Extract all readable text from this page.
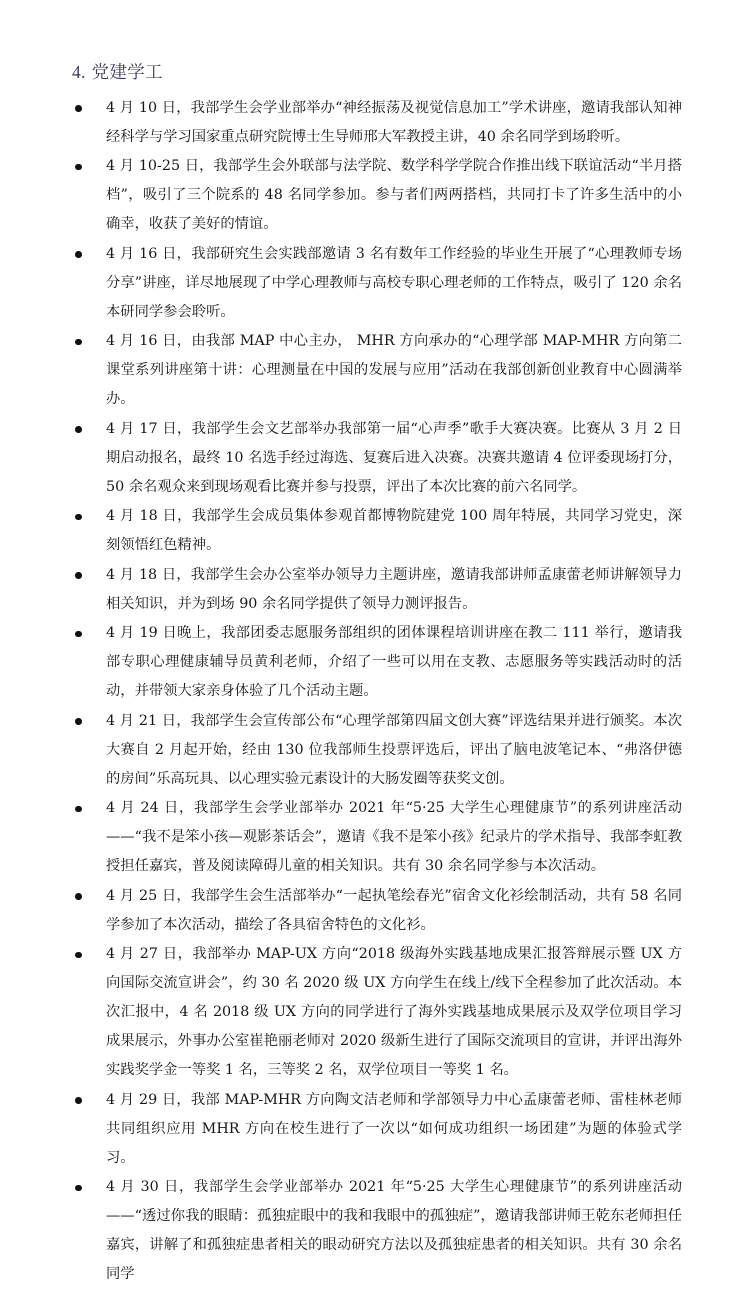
4. 党建学工
4 月 10 日，我部学生会学业部举办“神经振荡及视觉信息加工”学术讲座，邀请我部认知神经科学与学习国家重点研究院博士生导师邢大军教授主讲，40 余名同学到场聆听。
4 月 10-25 日，我部学生会外联部与法学院、数学科学学院合作推出线下联谊活动“半月搭档”，吸引了三个院系的 48 名同学参加。参与者们两两搭档，共同打卡了许多生活中的小确幸，收获了美好的情谊。
4 月 16 日，我部研究生会实践部邀请 3 名有数年工作经验的毕业生开展了“心理教师专场分享”讲座，详尽地展现了中学心理教师与高校专职心理老师的工作特点，吸引了 120 余名本研同学参会聆听。
4 月 16 日，由我部 MAP 中心主办， MHR 方向承办的“心理学部 MAP-MHR 方向第二课堂系列讲座第十讲：心理测量在中国的发展与应用”活动在我部创新创业教育中心圆满举办。
4 月 17 日，我部学生会文艺部举办我部第一届“心声季”歌手大赛决赛。比赛从 3 月 2 日期启动报名，最终 10 名选手经过海选、复赛后进入决赛。决赛共邀请 4 位评委现场打分，50 余名观众来到现场观看比赛并参与投票，评出了本次比赛的前六名同学。
4 月 18 日，我部学生会成员集体参观首都博物院建党 100 周年特展，共同学习党史，深刻领悟红色精神。
4 月 18 日，我部学生会办公室举办领导力主题讲座，邀请我部讲师孟康蕾老师讲解领导力相关知识，并为到场 90 余名同学提供了领导力测评报告。
4 月 19 日晚上，我部团委志愿服务部组织的团体课程培训讲座在教二 111 举行，邀请我部专职心理健康辅导员黄利老师，介绍了一些可以用在支教、志愿服务等实践活动时的活动，并带领大家亲身体验了几个活动主题。
4 月 21 日，我部学生会宣传部公布“心理学部第四届文创大赛”评选结果并进行颁奖。本次大赛自 2 月起开始，经由 130 位我部师生投票评选后，评出了脑电波笔记本、“弗洛伊德的房间”乐高玩具、以心理实验元素设计的大肠发圈等获奖文创。
4 月 24 日，我部学生会学业部举办 2021 年“5·25 大学生心理健康节”的系列讲座活动——“我不是笨小孩—观影茶话会”，邀请《我不是笨小孩》纪录片的学术指导、我部李虹教授担任嘉宾，普及阅读障碍儿童的相关知识。共有 30 余名同学参与本次活动。
4 月 25 日，我部学生会生活部举办“一起执笔绘春光”宿舍文化衫绘制活动，共有 58 名同学参加了本次活动，描绘了各具宿舍特色的文化衫。
4 月 27 日，我部举办 MAP-UX 方向“2018 级海外实践基地成果汇报答辩展示暨 UX 方向国际交流宣讲会”，约 30 名 2020 级 UX 方向学生在线上/线下全程参加了此次活动。本次汇报中，4 名 2018 级 UX 方向的同学进行了海外实践基地成果展示及双学位项目学习成果展示，外事办公室崔艳丽老师对 2020 级新生进行了国际交流项目的宣讲，并评出海外实践奖学金一等奖 1 名，三等奖 2 名，双学位项目一等奖 1 名。
4 月 29 日，我部 MAP-MHR 方向陶文洁老师和学部领导力中心孟康蕾老师、雷桂林老师共同组织应用 MHR 方向在校生进行了一次以“如何成功组织一场团建”为题的体验式学习。
4 月 30 日，我部学生会学业部举办 2021 年“5·25 大学生心理健康节”的系列讲座活动——“透过你我的眼睛：孤独症眼中的我和我眼中的孤独症”，邀请我部讲师王乾东老师担任嘉宾，讲解了和孤独症患者相关的眼动研究方法以及孤独症患者的相关知识。共有 30 余名同学
